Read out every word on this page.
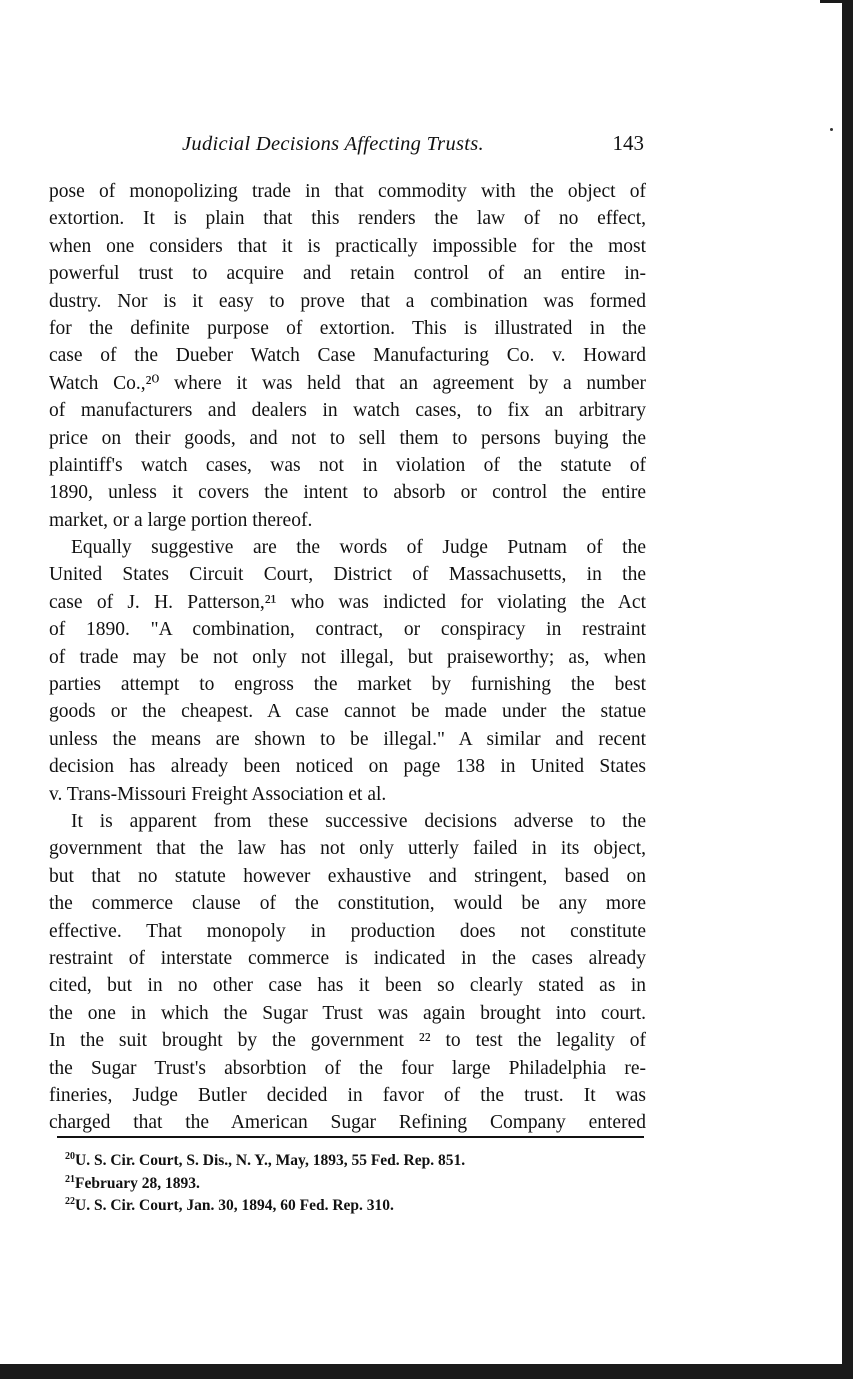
Judicial Decisions Affecting Trusts.	143
pose of monopolizing trade in that commodity with the object of
extortion. It is plain that this renders the law of no effect,
when one considers that it is practically impossible for the most
powerful trust to acquire and retain control of an entire in-
dustry. Nor is it easy to prove that a combination was formed
for the definite purpose of extortion. This is illustrated in the
case of the Dueber Watch Case Manufacturing Co. v. Howard
Watch Co.,²⁰ where it was held that an agreement by a number
of manufacturers and dealers in watch cases, to fix an arbitrary
price on their goods, and not to sell them to persons buying the
plaintiff's watch cases, was not in violation of the statute of
1890, unless it covers the intent to absorb or control the entire
market, or a large portion thereof.
Equally suggestive are the words of Judge Putnam of the
United States Circuit Court, District of Massachusetts, in the
case of J. H. Patterson,²¹ who was indicted for violating the Act
of 1890. "A combination, contract, or conspiracy in restraint
of trade may be not only not illegal, but praiseworthy; as, when
parties attempt to engross the market by furnishing the best
goods or the cheapest. A case cannot be made under the statue
unless the means are shown to be illegal." A similar and recent
decision has already been noticed on page 138 in United States
v. Trans-Missouri Freight Association et al.
It is apparent from these successive decisions adverse to the
government that the law has not only utterly failed in its object,
but that no statute however exhaustive and stringent, based on
the commerce clause of the constitution, would be any more
effective. That monopoly in production does not constitute
restraint of interstate commerce is indicated in the cases already
cited, but in no other case has it been so clearly stated as in
the one in which the Sugar Trust was again brought into court.
In the suit brought by the government ²² to test the legality of
the Sugar Trust's absorbtion of the four large Philadelphia re-
fineries, Judge Butler decided in favor of the trust. It was
charged that the American Sugar Refining Company entered
$^{20}$U. S. Cir. Court, S. Dis., N. Y., May, 1893, 55 Fed. Rep. 851.
$^{21}$February 28, 1893.
$^{22}$U. S. Cir. Court, Jan. 30, 1894, 60 Fed. Rep. 310.
